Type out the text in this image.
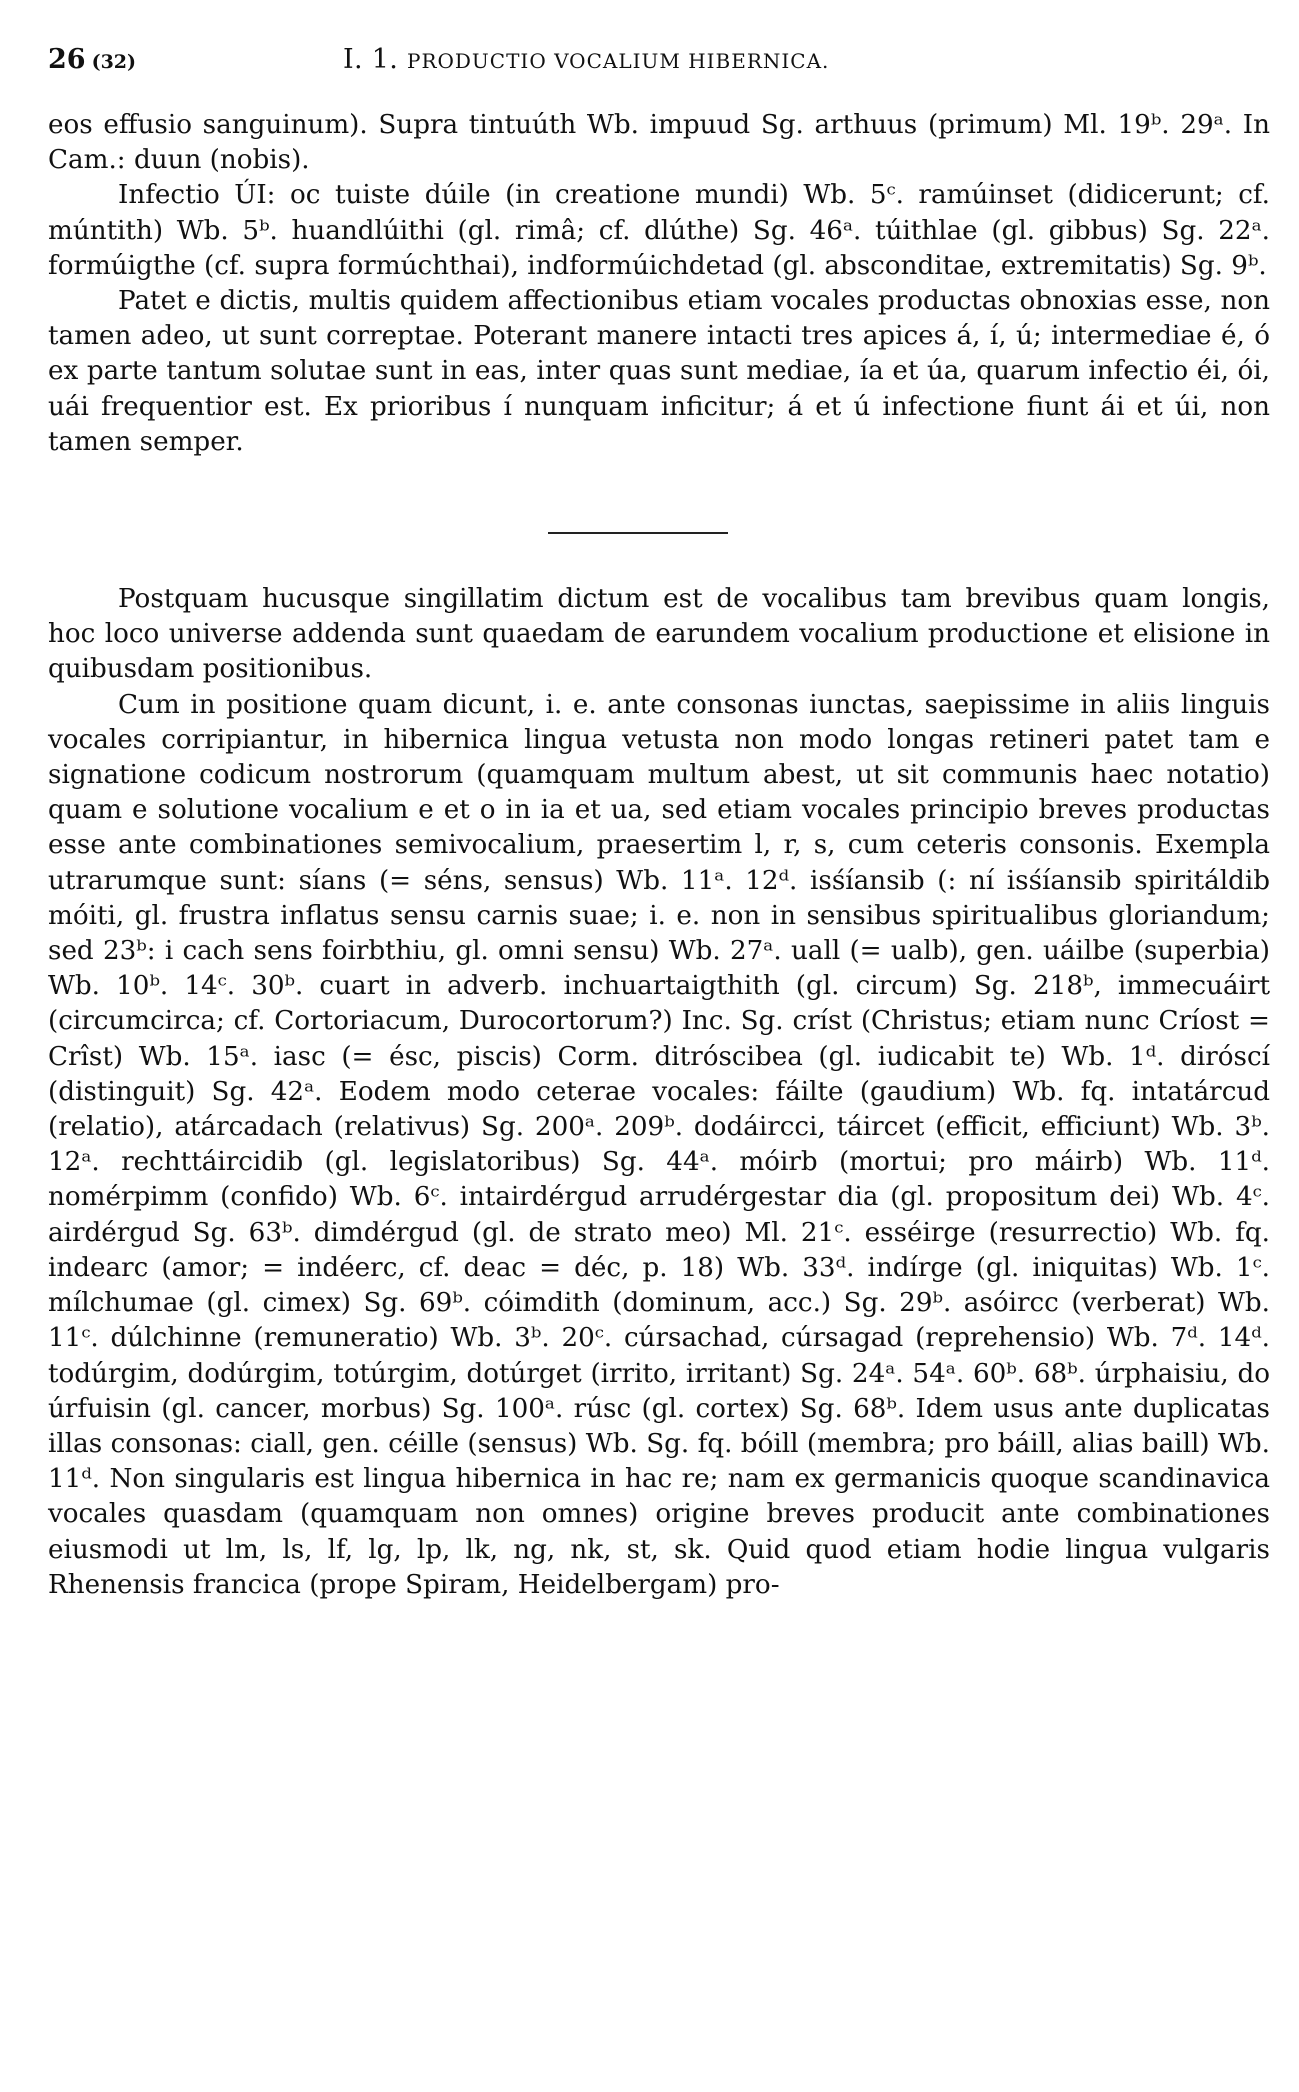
26 (32)	I. 1. PRODUCTIO VOCALIUM HIBERNICA.

eos effusio sanguinum). Supra tintuúth Wb. impuud Sg. arthuus (primum) Ml. 19ᵇ. 29ᵃ. In Cam.: duun (nobis).

Infectio ÚI: oc tuiste dúile (in creatione mundi) Wb. 5ᶜ. ramúinset (didicerunt; cf. múntith) Wb. 5ᵇ. huandlúithi (gl. rimâ; cf. dlúthe) Sg. 46ᵃ. túithlae (gl. gibbus) Sg. 22ᵃ. formúigthe (cf. supra formúchthai), indformúichdetad (gl. absconditae, extremitatis) Sg. 9ᵇ.

Patet e dictis, multis quidem affectionibus etiam vocales productas obnoxias esse, non tamen adeo, ut sunt correptae. Poterant manere intacti tres apices á, í, ú; intermediae é, ó ex parte tantum solutae sunt in eas, inter quas sunt mediae, ía et úa, quarum infectio éi, ói, uái frequentior est. Ex prioribus í nunquam inficitur; á et ú infectione fiunt ái et úi, non tamen semper.

Postquam hucusque singillatim dictum est de vocalibus tam brevibus quam longis, hoc loco universe addenda sunt quaedam de earundem vocalium productione et elisione in quibusdam positionibus.

Cum in positione quam dicunt, i. e. ante consonas iunctas, saepissime in aliis linguis vocales corripiantur, in hibernica lingua vetusta non modo longas retineri patet tam e signatione codicum nostrorum (quamquam multum abest, ut sit communis haec notatio) quam e solutione vocalium e et o in ia et ua, sed etiam vocales principio breves productas esse ante combinationes semivocalium, praesertim l, r, s, cum ceteris consonis. Exempla utrarumque sunt: síans (= séns, sensus) Wb. 11ᵃ. 12ᵈ. isśíansib (: ní isśíansib spiritáldib móiti, gl. frustra inflatus sensu carnis suae; i. e. non in sensibus spiritualibus gloriandum; sed 23ᵇ: i cach sens foirbthiu, gl. omni sensu) Wb. 27ᵃ. uall (= ualb), gen. uáilbe (superbia) Wb. 10ᵇ. 14ᶜ. 30ᵇ. cuart in adverb. inchuartaigthith (gl. circum) Sg. 218ᵇ, immecuáirt (circumcirca; cf. Cortoriacum, Durocortorum?) Inc. Sg. críst (Christus; etiam nunc Críost = Crîst) Wb. 15ᵃ. iasc (= ésc, piscis) Corm. ditróscibea (gl. iudicabit te) Wb. 1ᵈ. diróscí (distinguit) Sg. 42ᵃ. Eodem modo ceterae vocales: fáilte (gaudium) Wb. fq. intatárcud (relatio), atárcadach (relativus) Sg. 200ᵃ. 209ᵇ. dodáircci, táircet (efficit, efficiunt) Wb. 3ᵇ. 12ᵃ. rechttáircidib (gl. legislatoribus) Sg. 44ᵃ. móirb (mortui; pro máirb) Wb. 11ᵈ. nomérpimm (confido) Wb. 6ᶜ. intairdérgud arrudérgestar dia (gl. propositum dei) Wb. 4ᶜ. airdérgud Sg. 63ᵇ. dimdérgud (gl. de strato meo) Ml. 21ᶜ. esséirge (resurrectio) Wb. fq. indearc (amor; = indéerc, cf. deac = déc, p. 18) Wb. 33ᵈ. indírge (gl. iniquitas) Wb. 1ᶜ. mílchumae (gl. cimex) Sg. 69ᵇ. cóimdith (dominum, acc.) Sg. 29ᵇ. asóircc (verberat) Wb. 11ᶜ. dúlchinne (remuneratio) Wb. 3ᵇ. 20ᶜ. cúrsachad, cúrsagad (reprehensio) Wb. 7ᵈ. 14ᵈ. todúrgim, dodúrgim, totúrgim, dotúrget (irrito, irritant) Sg. 24ᵃ. 54ᵃ. 60ᵇ. 68ᵇ. úrphaisiu, do úrfuisin (gl. cancer, morbus) Sg. 100ᵃ. rúsc (gl. cortex) Sg. 68ᵇ. Idem usus ante duplicatas illas consonas: ciall, gen. céille (sensus) Wb. Sg. fq. bóill (membra; pro báill, alias baill) Wb. 11ᵈ. Non singularis est lingua hibernica in hac re; nam ex germanicis quoque scandinavica vocales quasdam (quamquam non omnes) origine breves producit ante combinationes eiusmodi ut lm, ls, lf, lg, lp, lk, ng, nk, st, sk. Quid quod etiam hodie lingua vulgaris Rhenensis francica (prope Spiram, Heidelbergam) pro-
